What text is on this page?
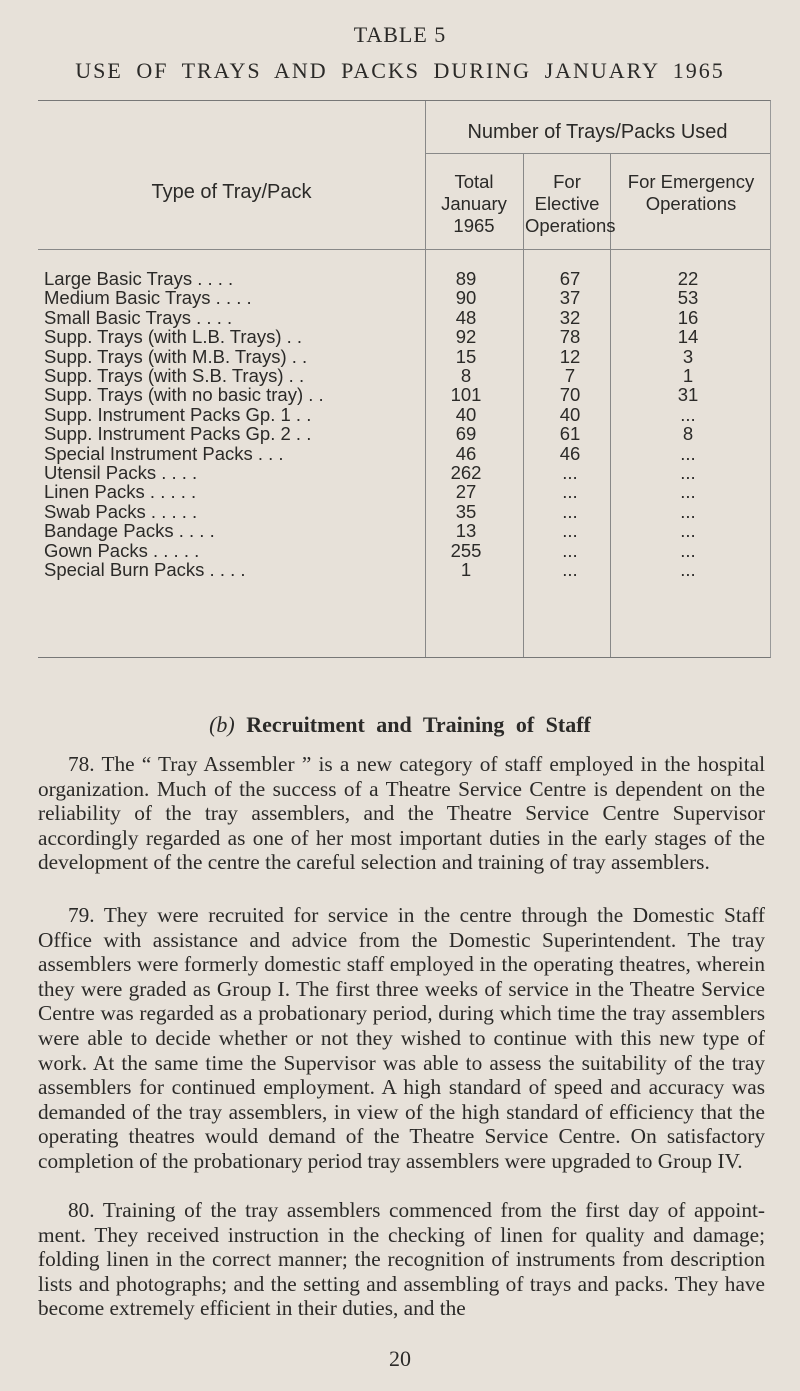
TABLE 5
USE OF TRAYS AND PACKS DURING JANUARY 1965
Number of Trays/Packs Used
Type of Tray/Pack	Total January 1965
For Elective Operations
For Emergency Operations
Large Basic Trays . . . .	89	67	22
Medium Basic Trays . . . .	90	37	53
Small Basic Trays . . . .	48	32	16
Supp. Trays (with L.B. Trays) . .	92	78	14
Supp. Trays (with M.B. Trays) . .	15	12	3
Supp. Trays (with S.B. Trays) . .	8	7	1
Supp. Trays (with no basic tray) . .	101	70	31
Supp. Instrument Packs Gp. 1 . .	40	40	...
Supp. Instrument Packs Gp. 2 . .	69	61	8
Special Instrument Packs . . .	46	46	...
Utensil Packs . . . .	262	...	...
Linen Packs . . . . .	27	...	...
Swab Packs . . . . .	35	...	...
Bandage Packs . . . .	13	...	...
Gown Packs . . . . .	255	...	...
Special Burn Packs . . . .	1	...	...
(b) Recruitment and Training of Staff

78. The “ Tray Assembler ” is a new category of staff employed in the hospital organization. Much of the success of a Theatre Service Centre is dependent on the reliability of the tray assemblers, and the Theatre Service Centre Supervisor accordingly regarded as one of her most important duties in the early stages of the development of the centre the careful selection and training of tray assemblers.

79. They were recruited for service in the centre through the Domestic Staff Office with assistance and advice from the Domestic Superintendent. The tray assemblers were formerly domestic staff employed in the operating theatres, wherein they were graded as Group I. The first three weeks of service in the Theatre Service Centre was regarded as a probationary period, during which time the tray assemblers were able to decide whether or not they wished to continue with this new type of work. At the same time the Supervisor was able to assess the suitability of the tray assemblers for continued employment. A high standard of speed and accuracy was demanded of the tray assemblers, in view of the high standard of efficiency that the operating theatres would demand of the Theatre Service Centre. On satisfactory completion of the probationary period tray assemblers were upgraded to Group IV.

80. Training of the tray assemblers commenced from the first day of appoint-ment. They received instruction in the checking of linen for quality and damage; folding linen in the correct manner; the recognition of instruments from description lists and photographs; and the setting and assembling of trays and packs. They have become extremely efficient in their duties, and the

20
